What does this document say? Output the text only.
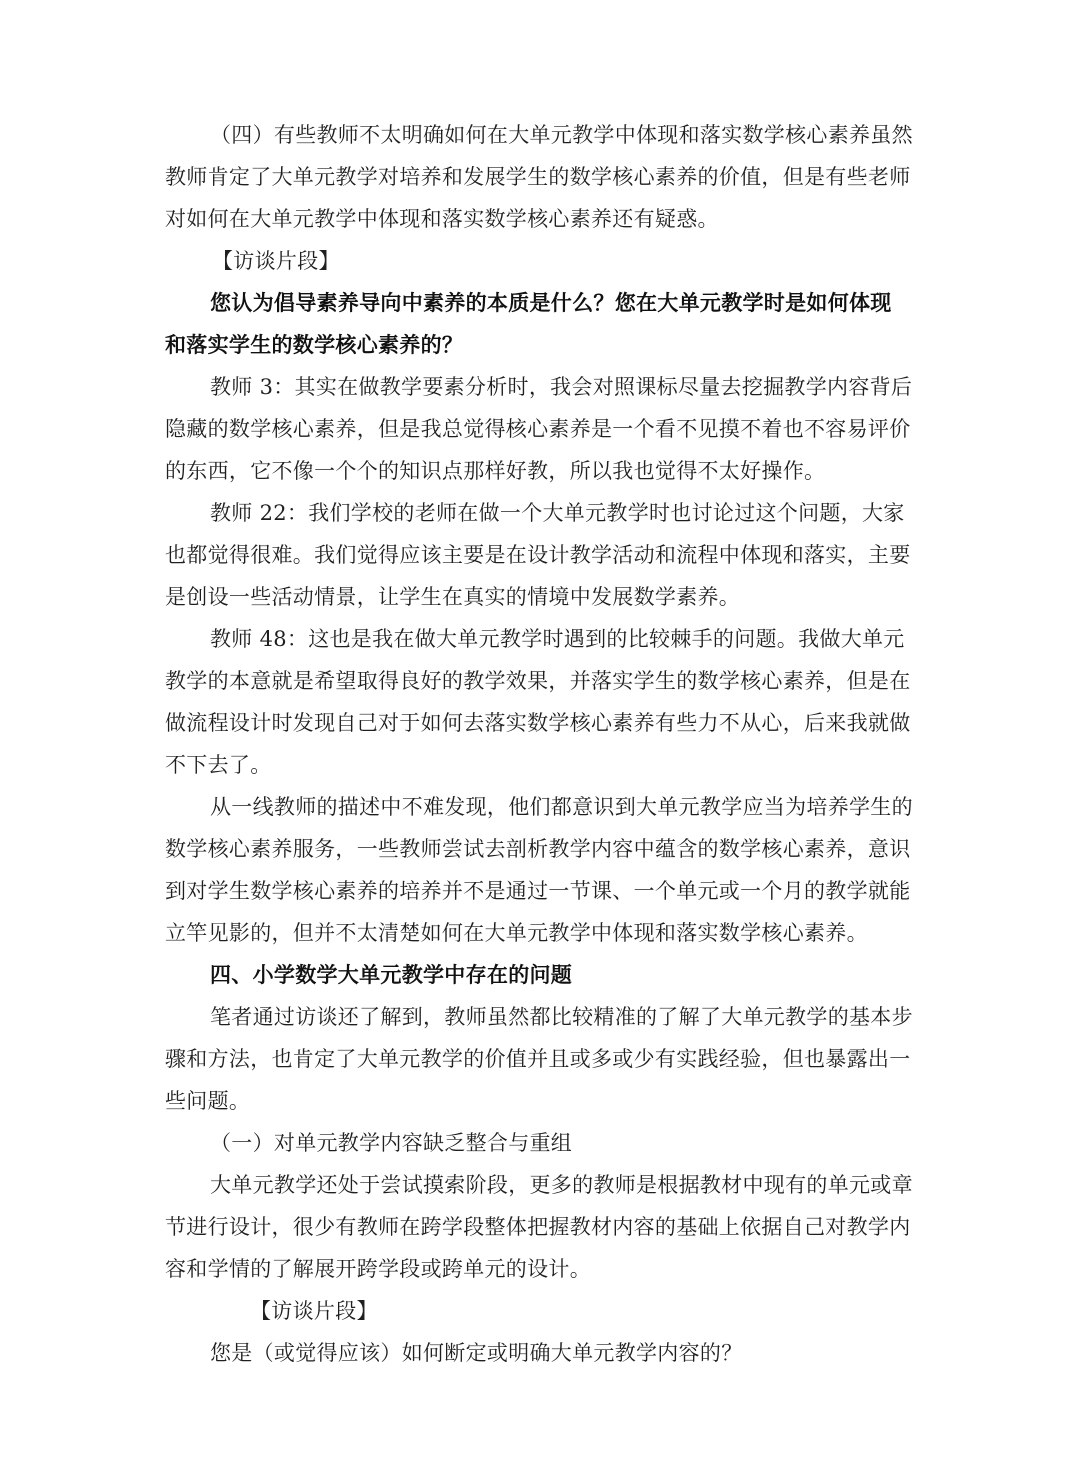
（四）有些教师不太明确如何在大单元教学中体现和落实数学核心素养虽然
教师肯定了大单元教学对培养和发展学生的数学核心素养的价值，但是有些老师
对如何在大单元教学中体现和落实数学核心素养还有疑惑。
【访谈片段】
您认为倡导素养导向中素养的本质是什么？您在大单元教学时是如何体现
和落实学生的数学核心素养的？
教师 3：其实在做教学要素分析时，我会对照课标尽量去挖掘教学内容背后
隐藏的数学核心素养，但是我总觉得核心素养是一个看不见摸不着也不容易评价
的东西，它不像一个个的知识点那样好教，所以我也觉得不太好操作。
教师 22：我们学校的老师在做一个大单元教学时也讨论过这个问题，大家
也都觉得很难。我们觉得应该主要是在设计教学活动和流程中体现和落实，主要
是创设一些活动情景，让学生在真实的情境中发展数学素养。
教师 48：这也是我在做大单元教学时遇到的比较棘手的问题。我做大单元
教学的本意就是希望取得良好的教学效果，并落实学生的数学核心素养，但是在
做流程设计时发现自己对于如何去落实数学核心素养有些力不从心，后来我就做
不下去了。
从一线教师的描述中不难发现，他们都意识到大单元教学应当为培养学生的
数学核心素养服务，一些教师尝试去剖析教学内容中蕴含的数学核心素养，意识
到对学生数学核心素养的培养并不是通过一节课、一个单元或一个月的教学就能
立竿见影的，但并不太清楚如何在大单元教学中体现和落实数学核心素养。
四、小学数学大单元教学中存在的问题
笔者通过访谈还了解到，教师虽然都比较精准的了解了大单元教学的基本步
骤和方法，也肯定了大单元教学的价值并且或多或少有实践经验，但也暴露出一
些问题。
（一）对单元教学内容缺乏整合与重组
大单元教学还处于尝试摸索阶段，更多的教师是根据教材中现有的单元或章
节进行设计，很少有教师在跨学段整体把握教材内容的基础上依据自己对教学内
容和学情的了解展开跨学段或跨单元的设计。
【访谈片段】
您是（或觉得应该）如何断定或明确大单元教学内容的？
